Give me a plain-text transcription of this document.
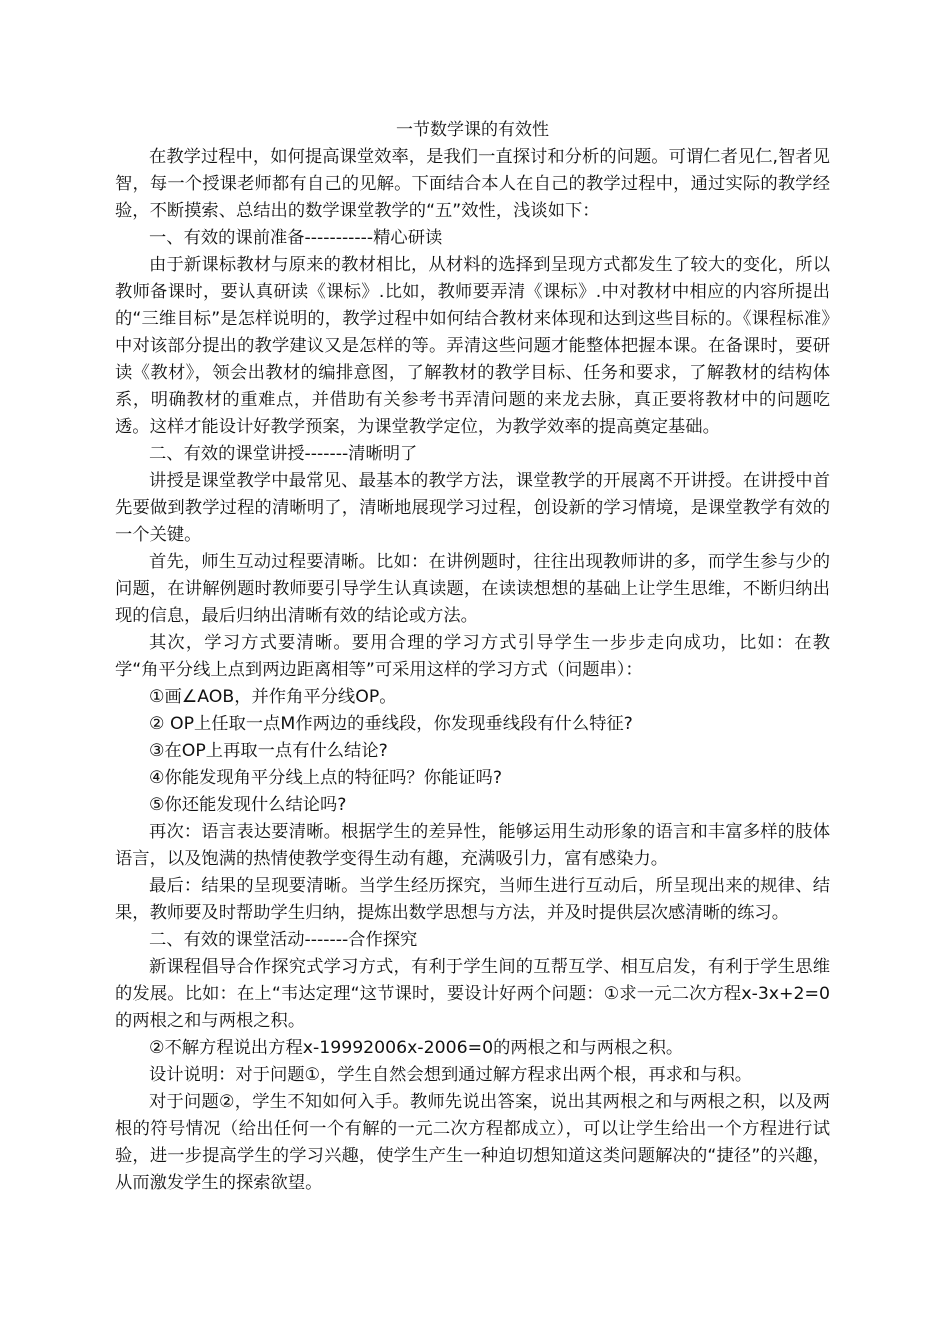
一节数学课的有效性

在教学过程中，如何提高课堂效率，是我们一直探讨和分析的问题。可谓仁者见仁,智者见智，每一个授课老师都有自己的见解。下面结合本人在自己的教学过程中，通过实际的教学经验，不断摸索、总结出的数学课堂教学的“五”效性，浅谈如下：

一、有效的课前准备-----------精心研读

由于新课标教材与原来的教材相比，从材料的选择到呈现方式都发生了较大的变化，所以教师备课时，要认真研读《课标》.比如，教师要弄清《课标》.中对教材中相应的内容所提出的“三维目标”是怎样说明的，教学过程中如何结合教材来体现和达到这些目标的。《课程标准》中对该部分提出的教学建议又是怎样的等。弄清这些问题才能整体把握本课。在备课时，要研读《教材》，领会出教材的编排意图，了解教材的教学目标、任务和要求，了解教材的结构体系，明确教材的重难点，并借助有关参考书弄清问题的来龙去脉，真正要将教材中的问题吃透。这样才能设计好教学预案，为课堂教学定位，为教学效率的提高奠定基础。

二、有效的课堂讲授-------清晰明了

讲授是课堂教学中最常见、最基本的教学方法，课堂教学的开展离不开讲授。在讲授中首先要做到教学过程的清晰明了，清晰地展现学习过程，创设新的学习情境，是课堂教学有效的一个关键。

首先，师生互动过程要清晰。比如：在讲例题时，往往出现教师讲的多，而学生参与少的问题，在讲解例题时教师要引导学生认真读题，在读读想想的基础上让学生思维，不断归纳出现的信息，最后归纳出清晰有效的结论或方法。

其次，学习方式要清晰。要用合理的学习方式引导学生一步步走向成功，比如：在教学“角平分线上点到两边距离相等”可采用这样的学习方式（问题串）：

①画∠AOB，并作角平分线OP。

② OP上任取一点M作两边的垂线段，你发现垂线段有什么特征?

③在OP上再取一点有什么结论?

④你能发现角平分线上点的特征吗？你能证吗?

⑤你还能发现什么结论吗?

再次：语言表达要清晰。根据学生的差异性，能够运用生动形象的语言和丰富多样的肢体语言，以及饱满的热情使教学变得生动有趣，充满吸引力，富有感染力。

最后：结果的呈现要清晰。当学生经历探究，当师生进行互动后，所呈现出来的规律、结果，教师要及时帮助学生归纳，提炼出数学思想与方法，并及时提供层次感清晰的练习。

二、有效的课堂活动-------合作探究

新课程倡导合作探究式学习方式，有利于学生间的互帮互学、相互启发，有利于学生思维的发展。比如：在上“韦达定理“这节课时，要设计好两个问题：①求一元二次方程x-3x+2=0的两根之和与两根之积。

②不解方程说出方程x-19992006x-2006=0的两根之和与两根之积。

设计说明：对于问题①，学生自然会想到通过解方程求出两个根，再求和与积。

对于问题②，学生不知如何入手。教师先说出答案，说出其两根之和与两根之积，以及两根的符号情况（给出任何一个有解的一元二次方程都成立），可以让学生给出一个方程进行试验，进一步提高学生的学习兴趣，使学生产生一种迫切想知道这类问题解决的“捷径”的兴趣，从而激发学生的探索欲望。
